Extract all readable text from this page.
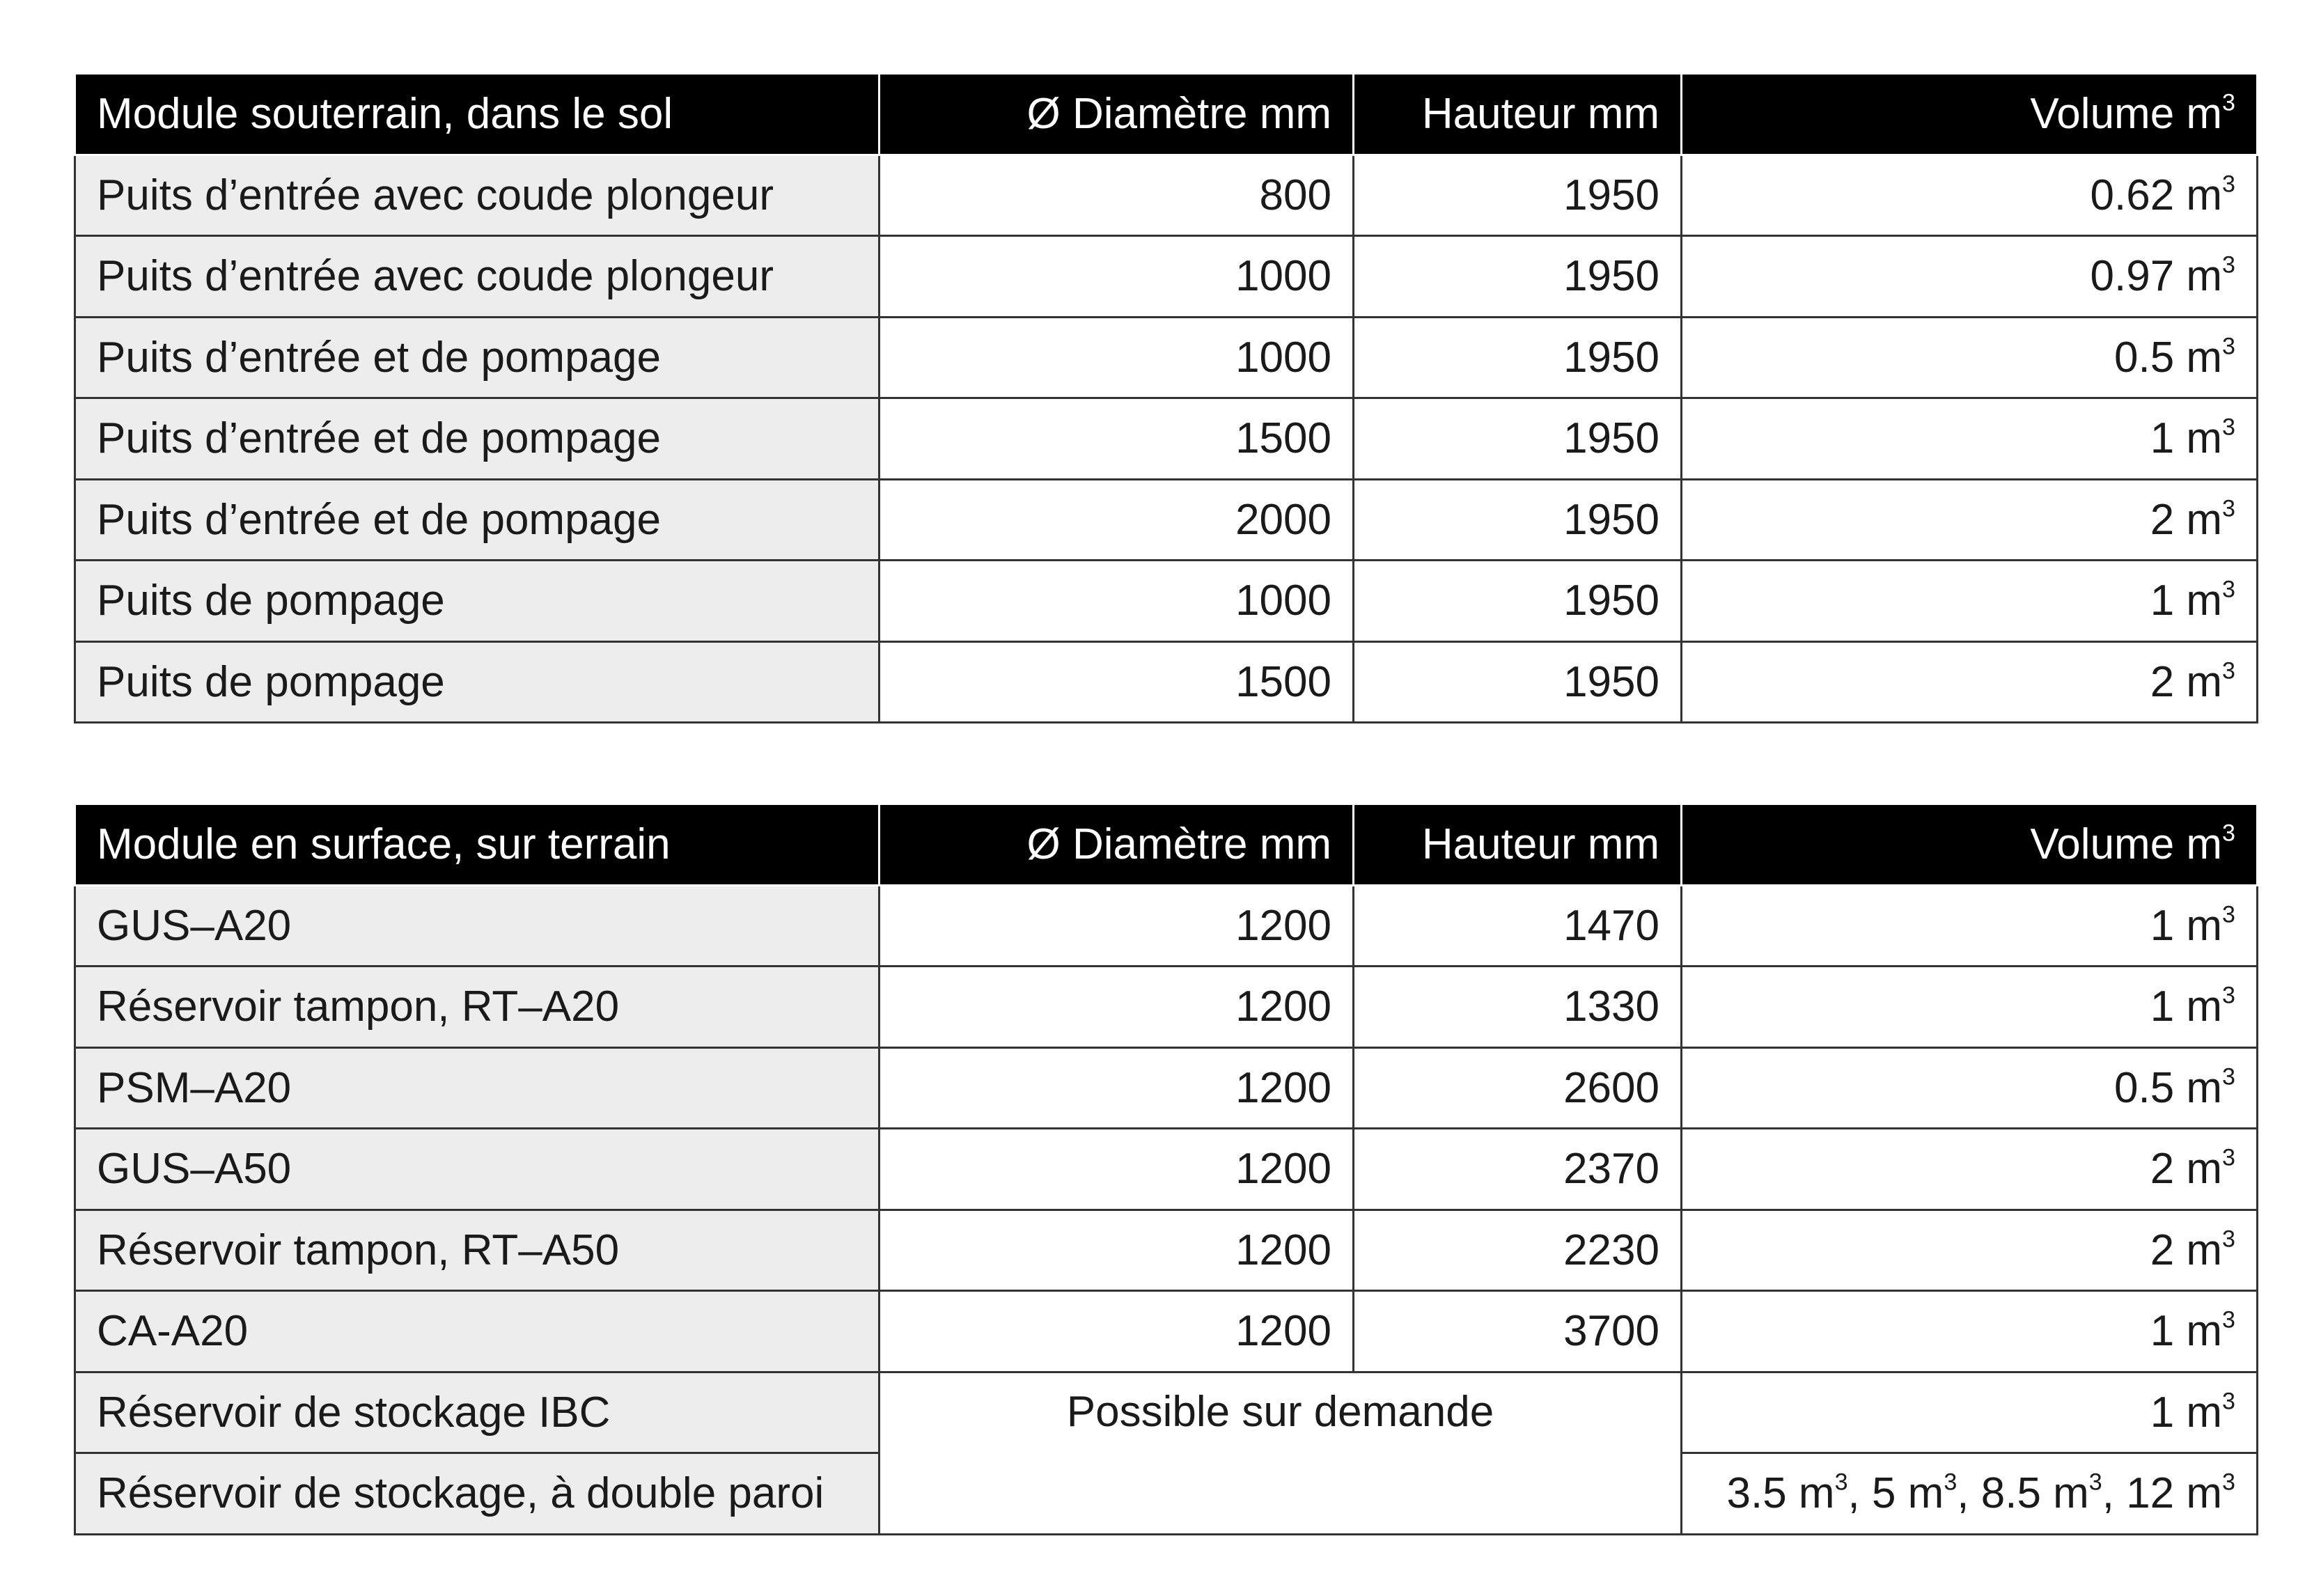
Module souterrain, dans le sol	Ø Diamètre mm	Hauteur mm	Volume $m^3$
Puits d’entrée avec coude plongeur	800	1950	0.62 $m^3$
Puits d’entrée avec coude plongeur	1000	1950	0.97 $m^3$
Puits d’entrée et de pompage	1000	1950	0.5 $m^3$
Puits d’entrée et de pompage	1500	1950	1 $m^3$
Puits d’entrée et de pompage	2000	1950	2 $m^3$
Puits de pompage	1000	1950	1 $m^3$
Puits de pompage	1500	1950	2 $m^3$
Module en surface, sur terrain	Ø Diamètre mm	Hauteur mm	Volume $m^3$
GUS–A20	1200	1470	1 $m^3$
Réservoir tampon, RT–A20	1200	1330	1 $m^3$
PSM–A20	1200	2600	0.5 $m^3$
GUS–A50	1200	2370	2 $m^3$
Réservoir tampon, RT–A50	1200	2230	2 $m^3$
CA-A20	1200	3700	1 $m^3$
Réservoir de stockage IBC	Possible sur demande		1 $m^3$
Réservoir de stockage, à double paroi			3.5 $m^3$, 5 $m^3$, 8.5 $m^3$, 12 $m^3$
